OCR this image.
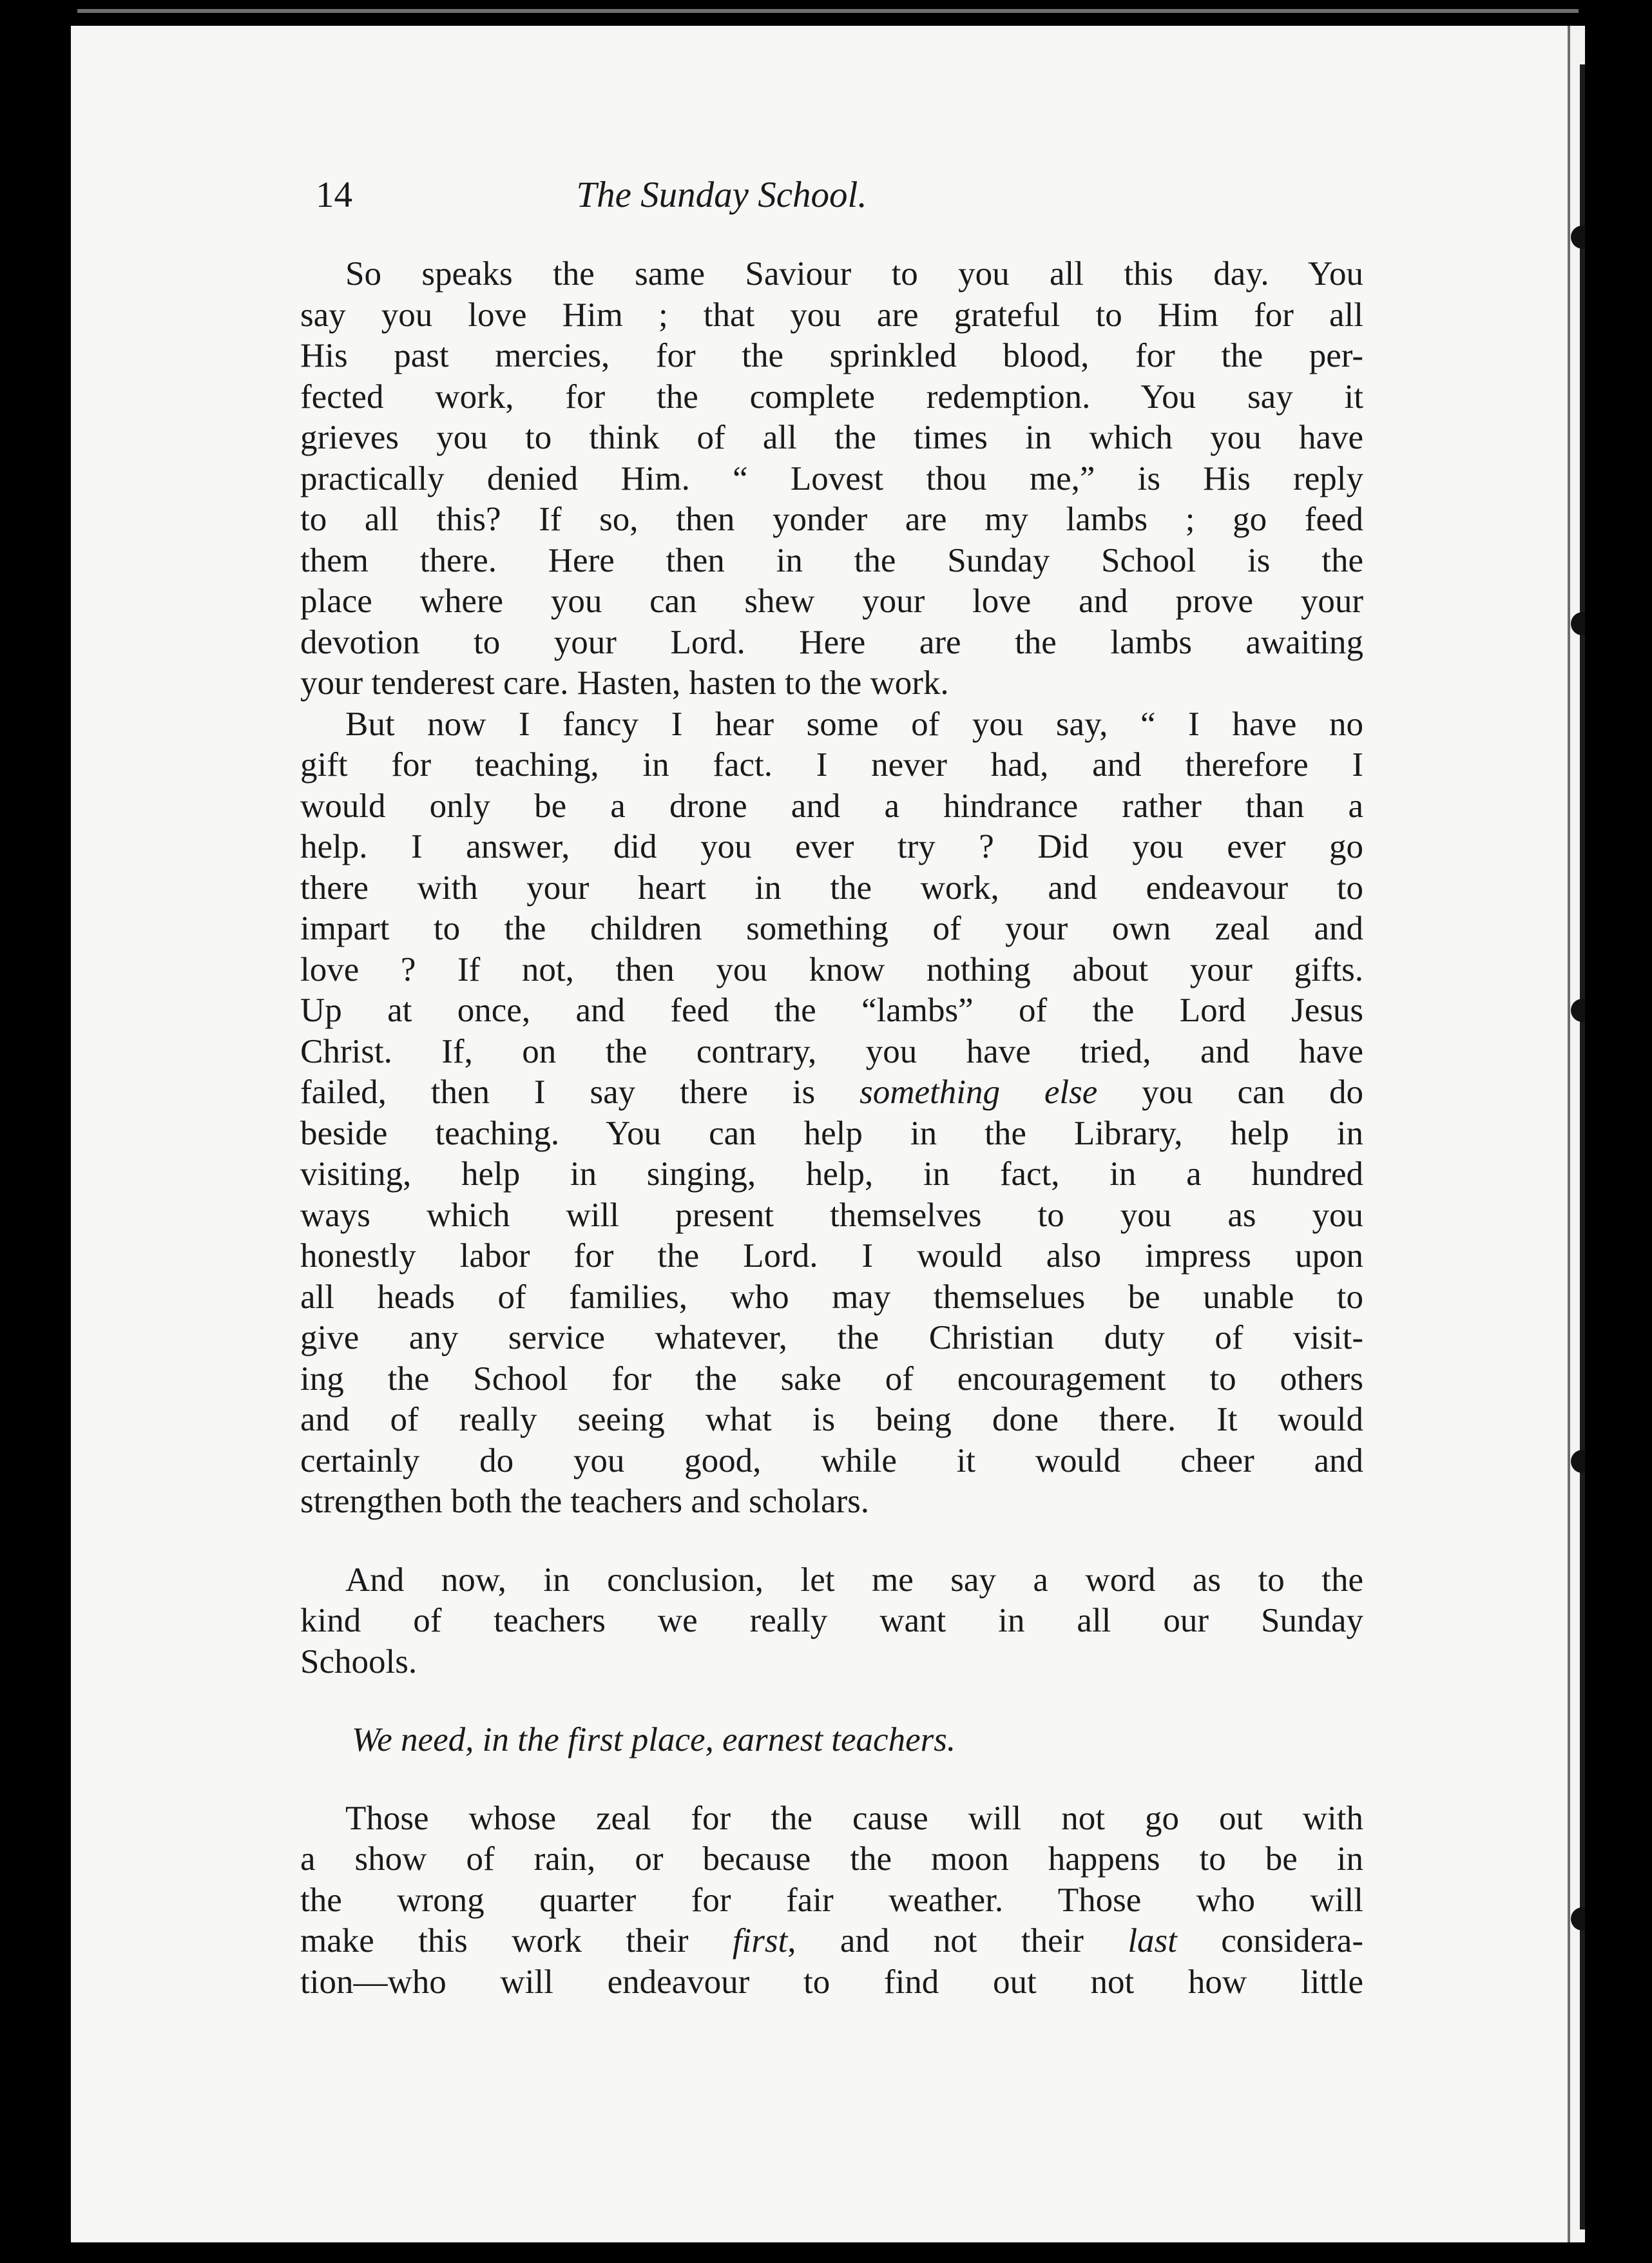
14	The Sunday School.
So speaks the same Saviour to you all this day. You
say you love Him ; that you are grateful to Him for all
His past mercies, for the sprinkled blood, for the per-
fected work, for the complete redemption. You say it
grieves you to think of all the times in which you have
practically denied Him. “ Lovest thou me,” is His reply
to all this? If so, then yonder are my lambs ; go feed
them there. Here then in the Sunday School is the
place where you can shew your love and prove your
devotion to your Lord. Here are the lambs awaiting
your tenderest care. Hasten, hasten to the work.
But now I fancy I hear some of you say, “ I have no
gift for teaching, in fact. I never had, and therefore I
would only be a drone and a hindrance rather than a
help. I answer, did you ever try ? Did you ever go
there with your heart in the work, and endeavour to
impart to the children something of your own zeal and
love ? If not, then you know nothing about your gifts.
Up at once, and feed the “lambs” of the Lord Jesus
Christ. If, on the contrary, you have tried, and have
failed, then I say there is something else you can do
beside teaching. You can help in the Library, help in
visiting, help in singing, help, in fact, in a hundred
ways which will present themselves to you as you
honestly labor for the Lord. I would also impress upon
all heads of families, who may themselues be unable to
give any service whatever, the Christian duty of visit-
ing the School for the sake of encouragement to others
and of really seeing what is being done there. It would
certainly do you good, while it would cheer and
strengthen both the teachers and scholars.
And now, in conclusion, let me say a word as to the
kind of teachers we really want in all our Sunday
Schools.
We need, in the first place, earnest teachers.
Those whose zeal for the cause will not go out with
a show of rain, or because the moon happens to be in
the wrong quarter for fair weather. Those who will
make this work their first, and not their last considera-
tion—who will endeavour to find out not how little
